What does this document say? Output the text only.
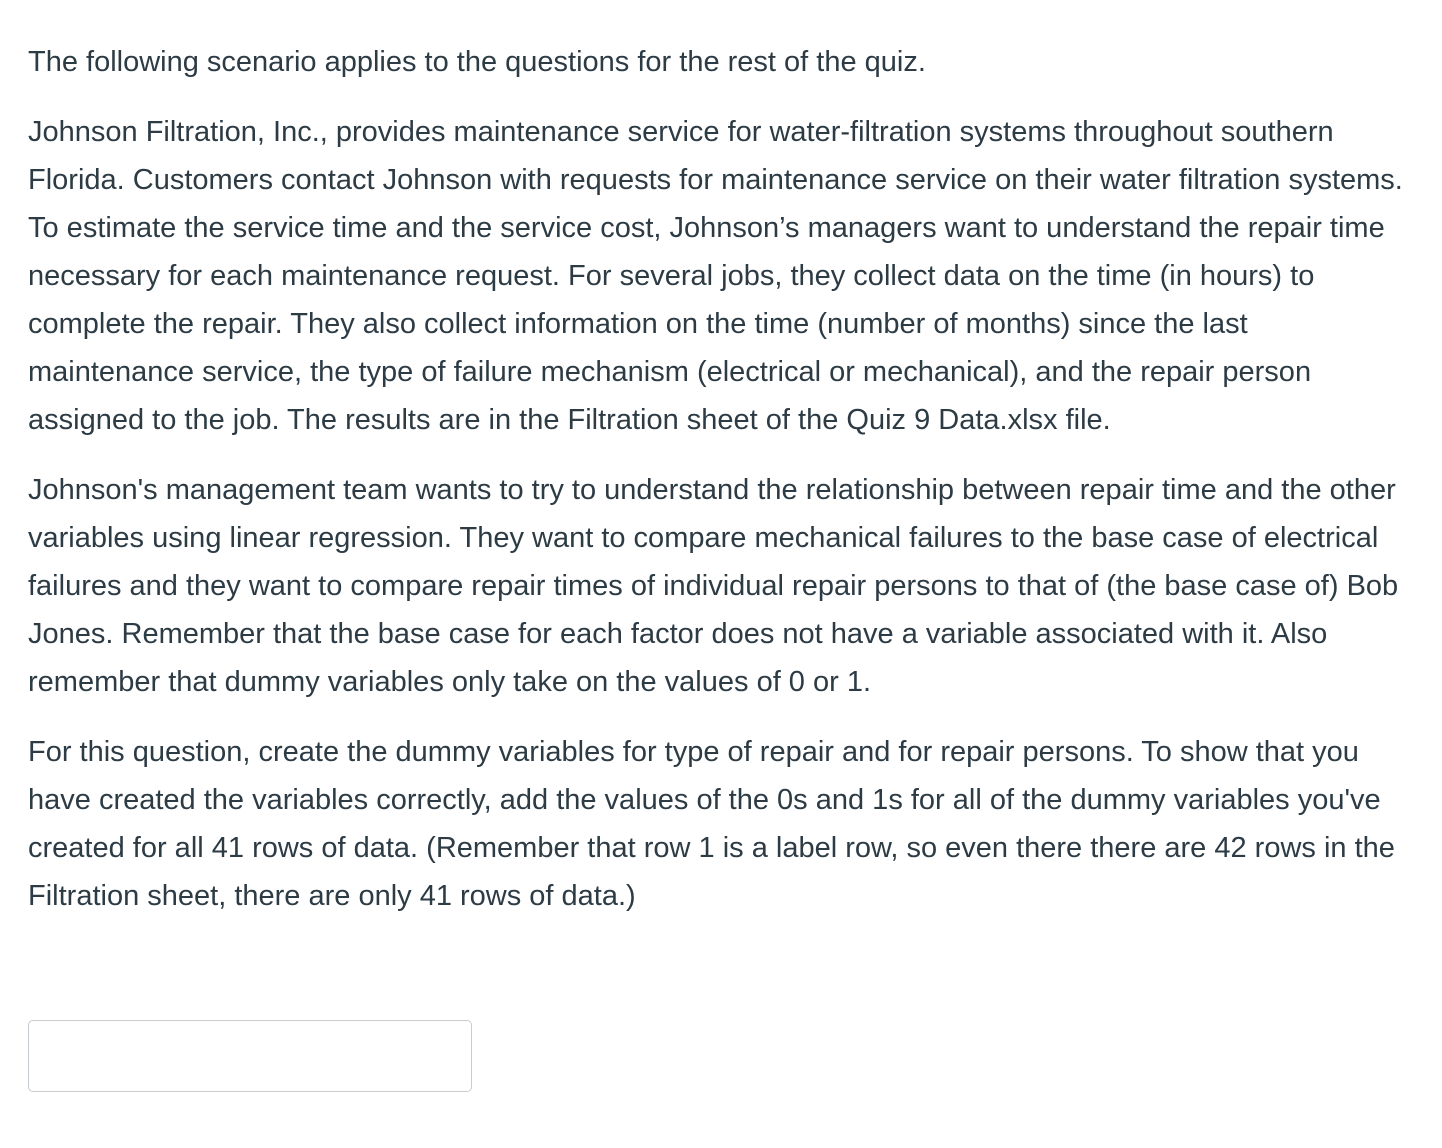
The following scenario applies to the questions for the rest of the quiz.

Johnson Filtration, Inc., provides maintenance service for water-filtration systems throughout southern Florida. Customers contact Johnson with requests for maintenance service on their water filtration systems. To estimate the service time and the service cost, Johnson’s managers want to understand the repair time necessary for each maintenance request. For several jobs, they collect data on the time (in hours) to complete the repair. They also collect information on the time (number of months) since the last maintenance service, the type of failure mechanism (electrical or mechanical), and the repair person assigned to the job. The results are in the Filtration sheet of the Quiz 9 Data.xlsx file.

Johnson's management team wants to try to understand the relationship between repair time and the other variables using linear regression. They want to compare mechanical failures to the base case of electrical failures and they want to compare repair times of individual repair persons to that of (the base case of) Bob Jones. Remember that the base case for each factor does not have a variable associated with it. Also remember that dummy variables only take on the values of 0 or 1.

For this question, create the dummy variables for type of repair and for repair persons. To show that you have created the variables correctly, add the values of the 0s and 1s for all of the dummy variables you've created for all 41 rows of data. (Remember that row 1 is a label row, so even there there are 42 rows in the Filtration sheet, there are only 41 rows of data.)
